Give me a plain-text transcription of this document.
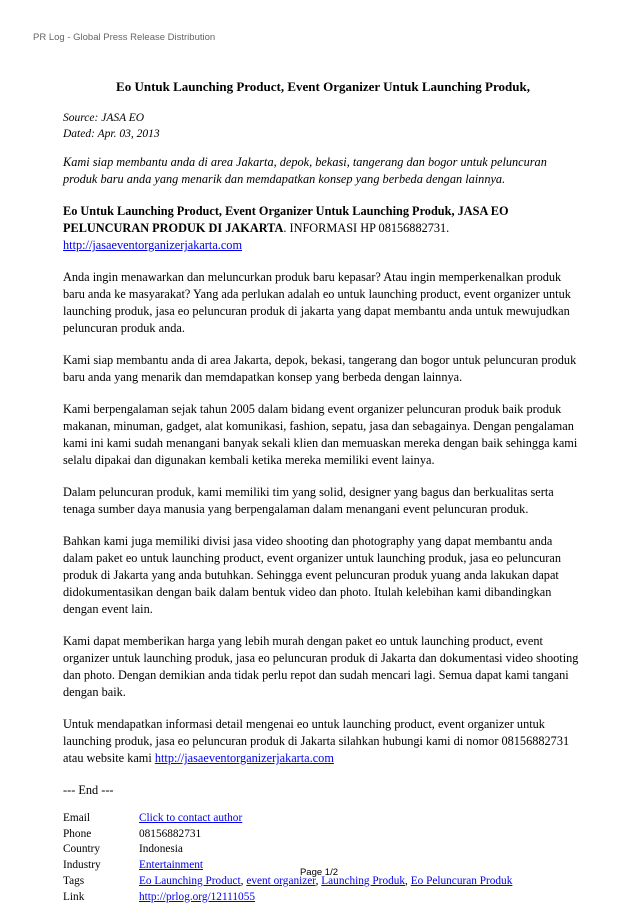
PR Log - Global Press Release Distribution
Eo Untuk Launching Product, Event Organizer Untuk Launching Produk,
Source: JASA EO
Dated: Apr. 03, 2013

Kami siap membantu anda di area Jakarta, depok, bekasi, tangerang dan bogor untuk peluncuran produk baru anda yang menarik dan memdapatkan konsep yang berbeda dengan lainnya.

Eo Untuk Launching Product, Event Organizer Untuk Launching Produk, JASA EO PELUNCURAN PRODUK DI JAKARTA. INFORMASI HP 08156882731.
http://jasaeventorganizerjakarta.com

Anda ingin menawarkan dan meluncurkan produk baru kepasar? Atau ingin memperkenalkan produk baru anda ke masyarakat? Yang ada perlukan adalah eo untuk launching product, event organizer untuk launching produk, jasa eo peluncuran produk di jakarta yang dapat membantu anda untuk mewujudkan peluncuran produk anda.

Kami siap membantu anda di area Jakarta, depok, bekasi, tangerang dan bogor untuk peluncuran produk baru anda yang menarik dan memdapatkan konsep yang berbeda dengan lainnya.

Kami berpengalaman sejak tahun 2005 dalam bidang event organizer peluncuran produk baik produk makanan, minuman, gadget, alat komunikasi, fashion, sepatu, jasa dan sebagainya. Dengan pengalaman kami ini kami sudah menangani banyak sekali klien dan memuaskan mereka dengan baik sehingga kami selalu dipakai dan digunakan kembali ketika mereka memiliki event lainya.

Dalam peluncuran produk, kami memiliki tim yang solid, designer yang bagus dan berkualitas serta tenaga sumber daya manusia yang berpengalaman dalam menangani event peluncuran produk.

Bahkan kami juga memiliki divisi jasa video shooting dan photography yang dapat membantu anda dalam paket eo untuk launching product, event organizer untuk launching produk, jasa eo peluncuran produk di Jakarta yang anda butuhkan. Sehingga event peluncuran produk yuang anda lakukan dapat didokumentasikan dengan baik dalam bentuk video dan photo. Itulah kelebihan kami dibandingkan dengan event lain.

Kami dapat memberikan harga yang lebih murah dengan paket eo untuk launching product, event organizer untuk launching produk, jasa eo peluncuran produk di Jakarta dan dokumentasi video shooting dan photo. Dengan demikian anda tidak perlu repot dan sudah mencari lagi. Semua dapat kami tangani dengan baik.

Untuk mendapatkan informasi detail mengenai eo untuk launching product, event organizer untuk launching produk, jasa eo peluncuran produk di Jakarta silahkan hubungi kami di nomor 08156882731 atau website kami http://jasaeventorganizerjakarta.com

--- End ---
Email	Click to contact author
Phone	08156882731
Country	Indonesia
Industry	Entertainment
Tags	Eo Launching Product, event organizer, Launching Produk, Eo Peluncuran Produk
Link	http://prlog.org/12111055
Page 1/2
